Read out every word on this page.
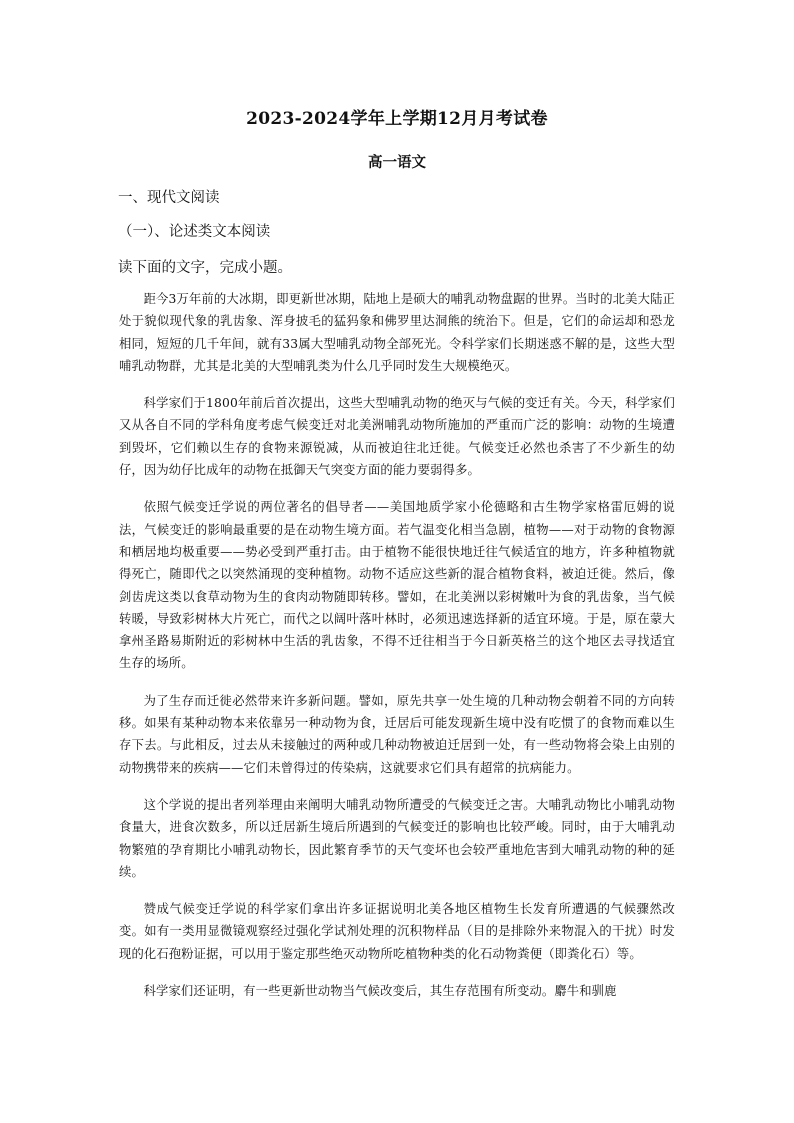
2023-2024学年上学期12月月考试卷
高一语文
一、现代文阅读
（一）、论述类文本阅读
读下面的文字，完成小题。

距今3万年前的大冰期，即更新世冰期，陆地上是硕大的哺乳动物盘踞的世界。当时的北美大陆正处于貌似现代象的乳齿象、浑身披毛的猛犸象和佛罗里达洞熊的统治下。但是，它们的命运却和恐龙相同，短短的几千年间，就有33属大型哺乳动物全部死光。令科学家们长期迷惑不解的是，这些大型哺乳动物群，尤其是北美的大型哺乳类为什么几乎同时发生大规模绝灭。

科学家们于1800年前后首次提出，这些大型哺乳动物的绝灭与气候的变迁有关。今天，科学家们又从各自不同的学科角度考虑气候变迁对北美洲哺乳动物所施加的严重而广泛的影响：动物的生境遭到毁坏，它们赖以生存的食物来源锐减，从而被迫往北迁徙。气候变迁必然也杀害了不少新生的幼仔，因为幼仔比成年的动物在抵御天气突变方面的能力要弱得多。

依照气候变迁学说的两位著名的倡导者——美国地质学家小伦德略和古生物学家格雷厄姆的说法，气候变迁的影响最重要的是在动物生境方面。若气温变化相当急剧，植物——对于动物的食物源和栖居地均极重要——势必受到严重打击。由于植物不能很快地迁往气候适宜的地方，许多种植物就得死亡，随即代之以突然涌现的变种植物。动物不适应这些新的混合植物食料，被迫迁徙。然后，像剑齿虎这类以食草动物为生的食肉动物随即转移。譬如，在北美洲以彩树嫩叶为食的乳齿象，当气候转暖，导致彩树林大片死亡，而代之以阔叶落叶林时，必须迅速选择新的适宜环境。于是，原在蒙大拿州圣路易斯附近的彩树林中生活的乳齿象，不得不迁往相当于今日新英格兰的这个地区去寻找适宜生存的场所。

为了生存而迁徙必然带来许多新问题。譬如，原先共享一处生境的几种动物会朝着不同的方向转移。如果有某种动物本来依靠另一种动物为食，迁居后可能发现新生境中没有吃惯了的食物而难以生存下去。与此相反，过去从未接触过的两种或几种动物被迫迁居到一处，有一些动物将会染上由别的动物携带来的疾病——它们未曾得过的传染病，这就要求它们具有超常的抗病能力。

这个学说的提出者列举理由来阐明大哺乳动物所遭受的气候变迁之害。大哺乳动物比小哺乳动物食量大，进食次数多，所以迁居新生境后所遇到的气候变迁的影响也比较严峻。同时，由于大哺乳动物繁殖的孕育期比小哺乳动物长，因此繁育季节的天气变坏也会较严重地危害到大哺乳动物的种的延续。

赞成气候变迁学说的科学家们拿出许多证据说明北美各地区植物生长发育所遭遇的气候骤然改变。如有一类用显微镜观察经过强化学试剂处理的沉积物样品（目的是排除外来物混入的干扰）时发现的化石孢粉证据，可以用于鉴定那些绝灭动物所吃植物种类的化石动物粪便（即粪化石）等。

科学家们还证明，有一些更新世动物当气候改变后，其生存范围有所变动。麝牛和驯鹿
